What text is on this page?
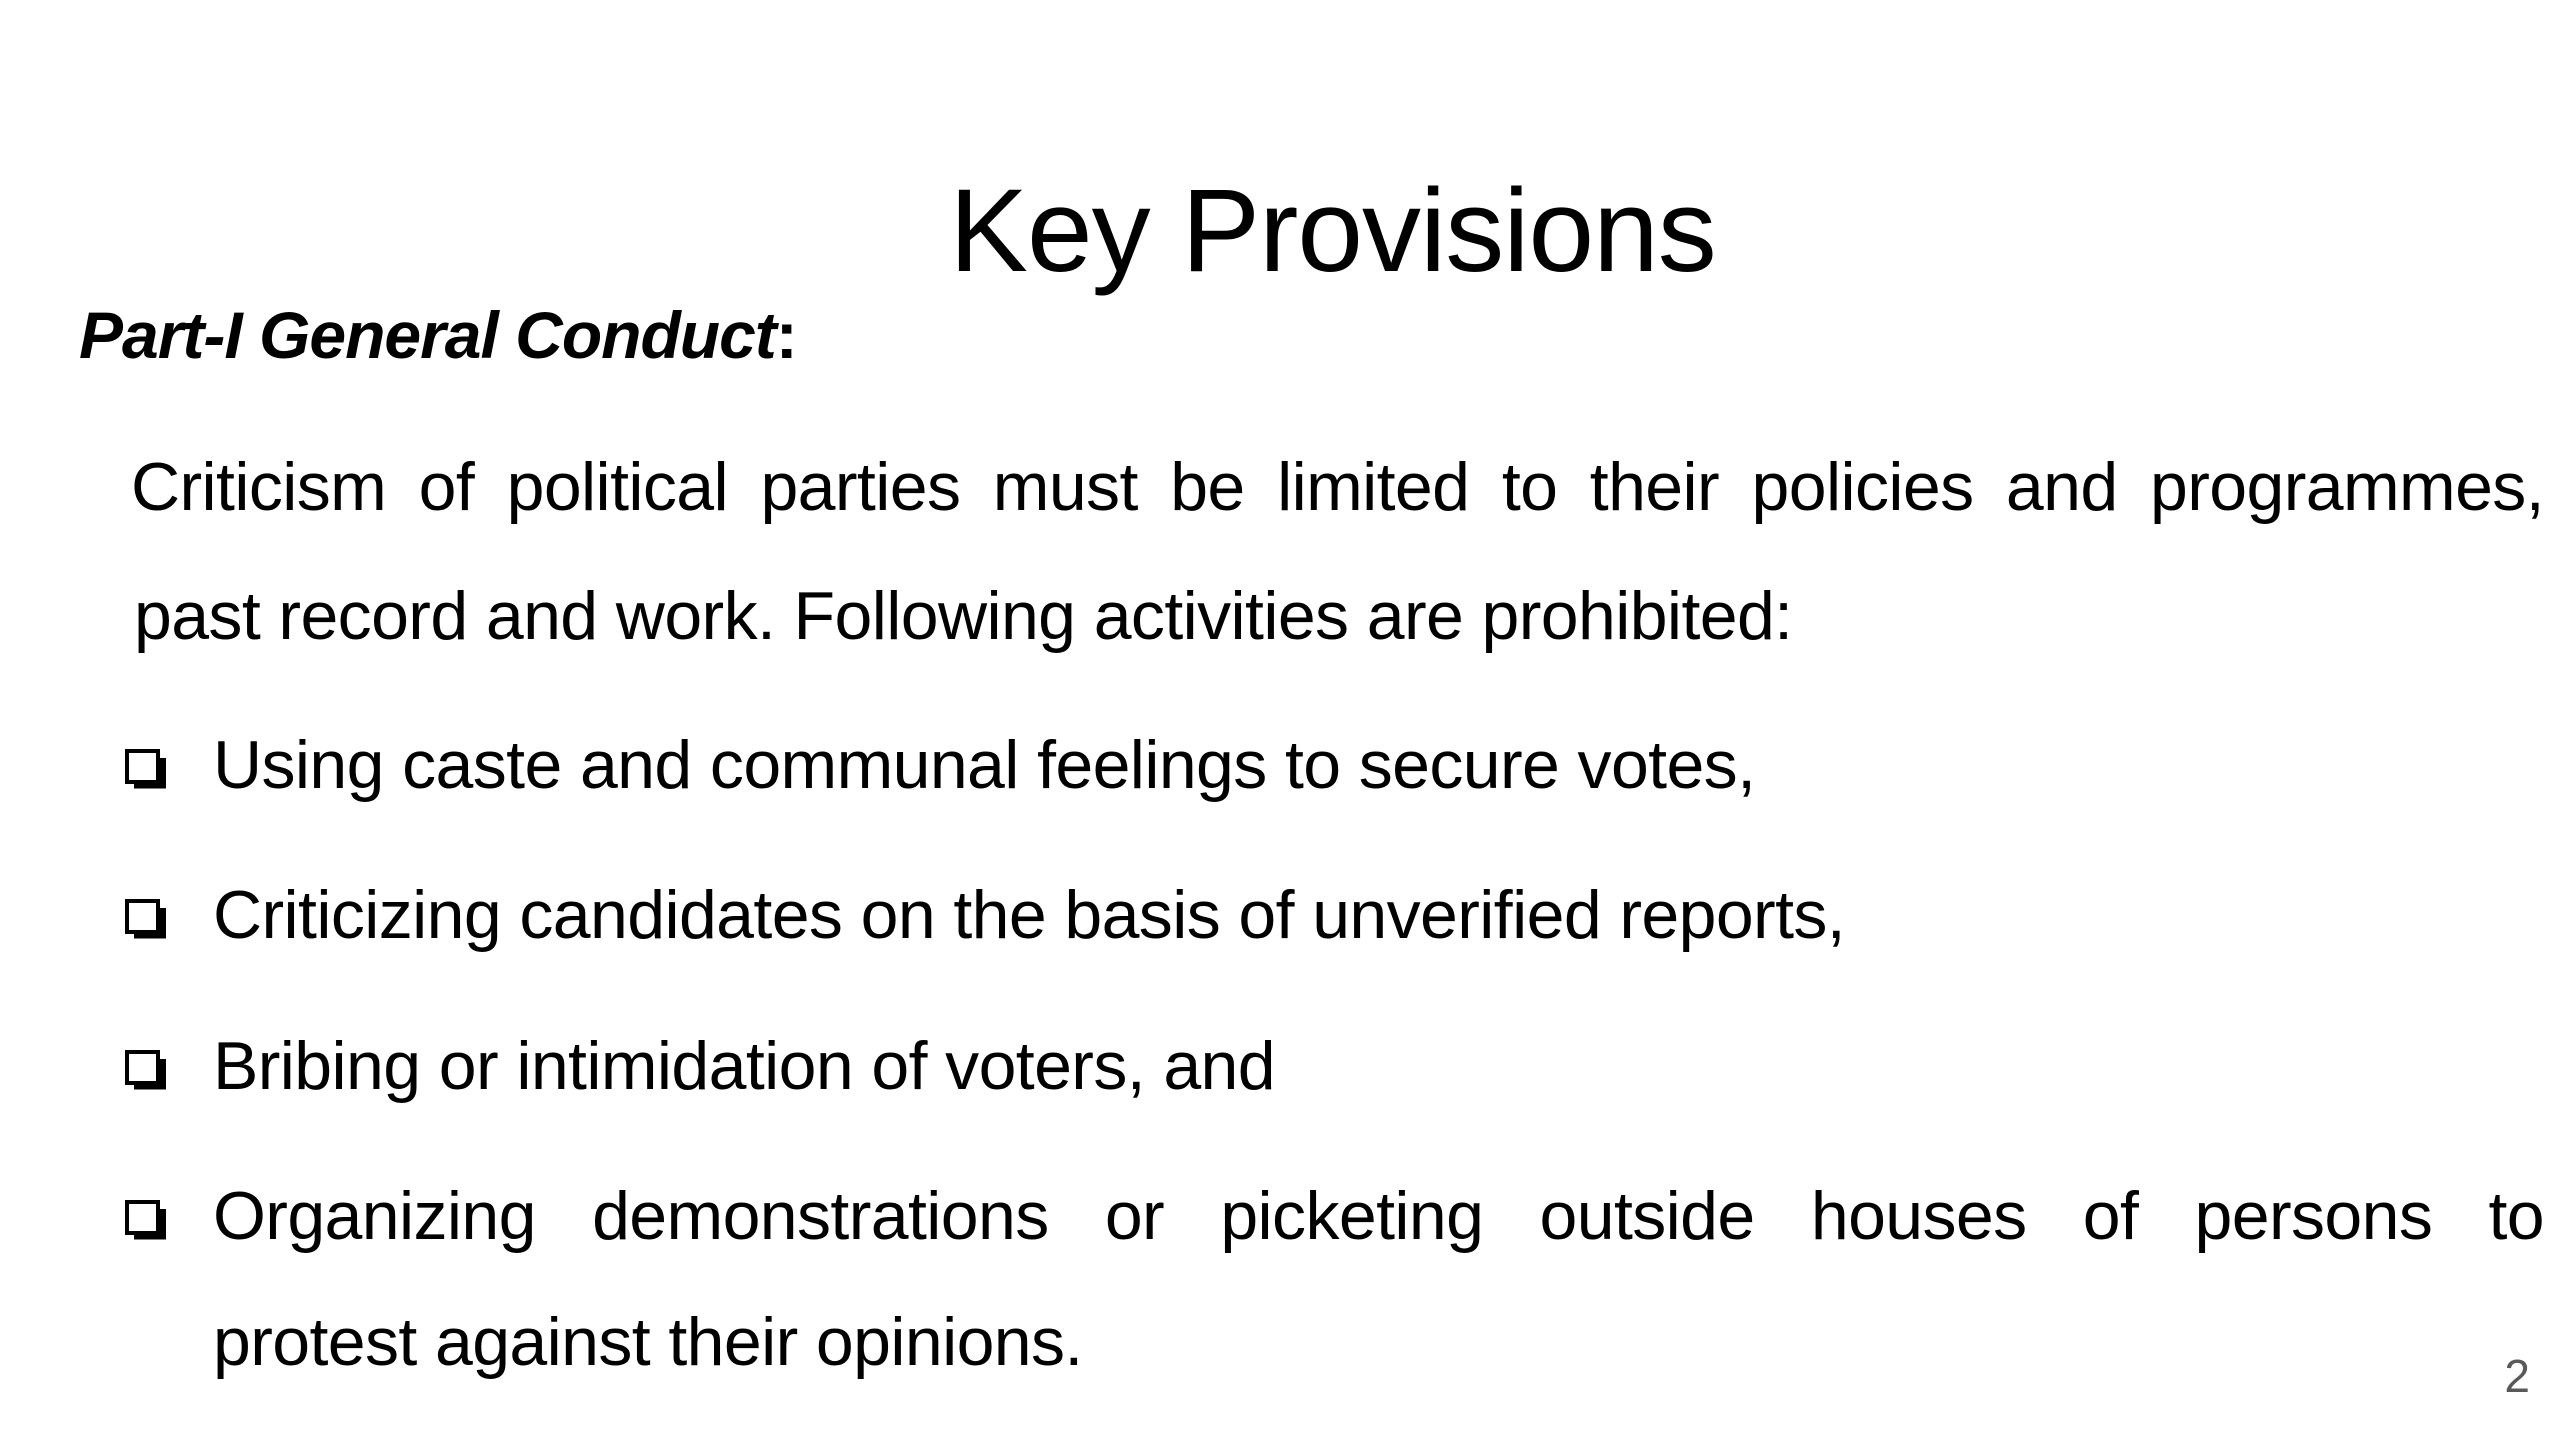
Key Provisions
Part-I General Conduct:
Criticism of political parties must be limited to their policies and programmes,
past record and work. Following activities are prohibited:
Using caste and communal feelings to secure votes,
Criticizing candidates on the basis of unverified reports,
Bribing or intimidation of voters, and
Organizing demonstrations or picketing outside houses of persons to
protest against their opinions.	2
